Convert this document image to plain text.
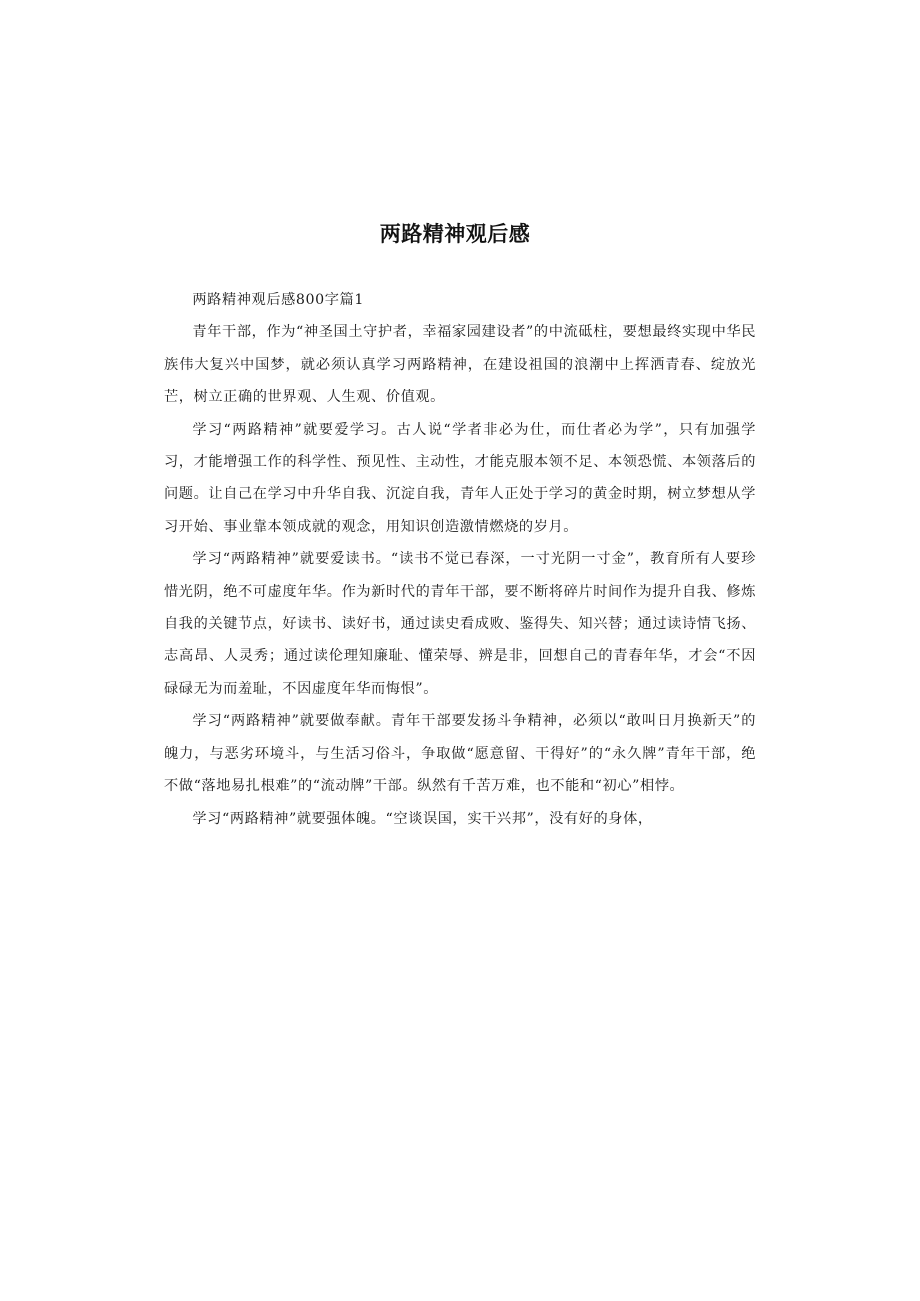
两路精神观后感

两路精神观后感800字篇1

青年干部，作为“神圣国土守护者，幸福家园建设者”的中流砥柱，要想最终实现中华民族伟大复兴中国梦，就必须认真学习两路精神，在建设祖国的浪潮中上挥洒青春、绽放光芒，树立正确的世界观、人生观、价值观。

学习“两路精神”就要爱学习。古人说“学者非必为仕，而仕者必为学”，只有加强学习，才能增强工作的科学性、预见性、主动性，才能克服本领不足、本领恐慌、本领落后的问题。让自己在学习中升华自我、沉淀自我，青年人正处于学习的黄金时期，树立梦想从学习开始、事业靠本领成就的观念，用知识创造激情燃烧的岁月。

学习“两路精神”就要爱读书。“读书不觉已春深，一寸光阴一寸金”，教育所有人要珍惜光阴，绝不可虚度年华。作为新时代的青年干部，要不断将碎片时间作为提升自我、修炼自我的关键节点，好读书、读好书，通过读史看成败、鉴得失、知兴替；通过读诗情飞扬、志高昂、人灵秀；通过读伦理知廉耻、懂荣辱、辨是非，回想自己的青春年华，才会“不因碌碌无为而羞耻，不因虚度年华而悔恨”。

学习“两路精神”就要做奉献。青年干部要发扬斗争精神，必须以“敢叫日月换新天”的魄力，与恶劣环境斗，与生活习俗斗，争取做“愿意留、干得好”的“永久牌”青年干部，绝不做“落地易扎根难”的“流动牌”干部。纵然有千苦万难，也不能和“初心”相悖。

学习“两路精神”就要强体魄。“空谈误国，实干兴邦”，没有好的身体，
